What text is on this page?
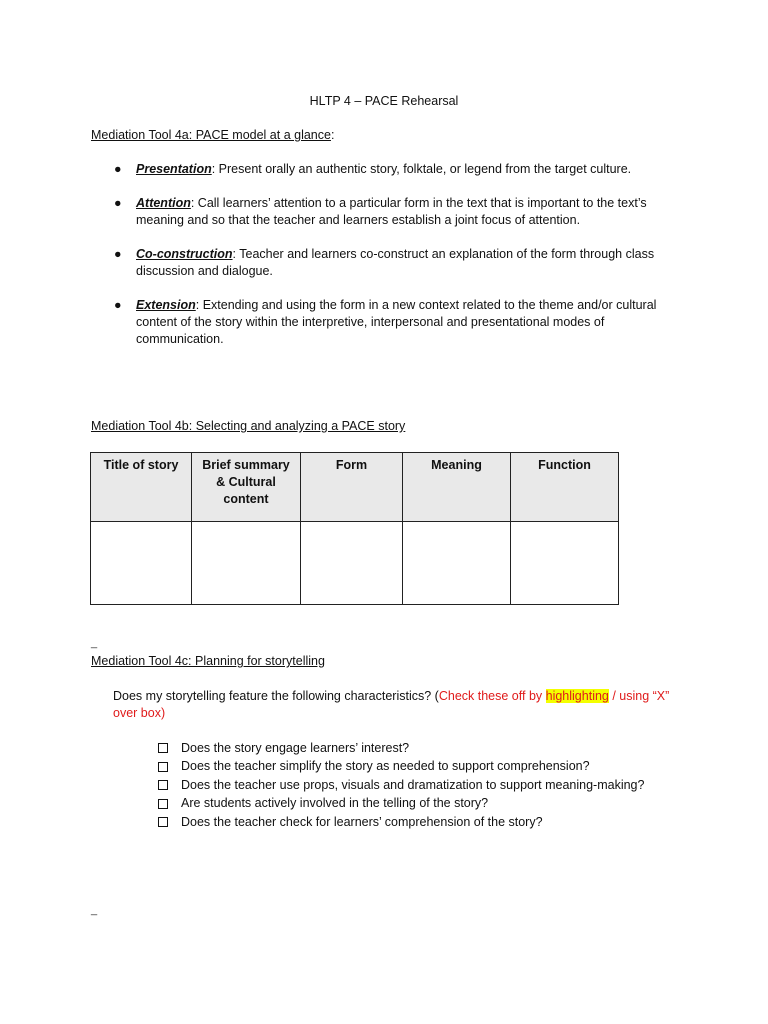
HLTP 4 – PACE Rehearsal
Mediation Tool 4a: PACE model at a glance:
●	Presentation: Present orally an authentic story, folktale, or legend from the target culture.
●	Attention: Call learners’ attention to a particular form in the text that is important to the text’s meaning and so that the teacher and learners establish a joint focus of attention.
●	Co-construction: Teacher and learners co-construct an explanation of the form through class discussion and dialogue.
●	Extension: Extending and using the form in a new context related to the theme and/or cultural content of the story within the interpretive, interpersonal and presentational modes of communication.
Mediation Tool 4b: Selecting and analyzing a PACE story
Title of story	Brief summary & Cultural content	Form	Meaning	Function

_
Mediation Tool 4c: Planning for storytelling
Does my storytelling feature the following characteristics? (Check these off by highlighting / using “X” over box)
Does the story engage learners’ interest?
Does the teacher simplify the story as needed to support comprehension?
Does the teacher use props, visuals and dramatization to support meaning-making?
Are students actively involved in the telling of the story?
Does the teacher check for learners’ comprehension of the story?
_
